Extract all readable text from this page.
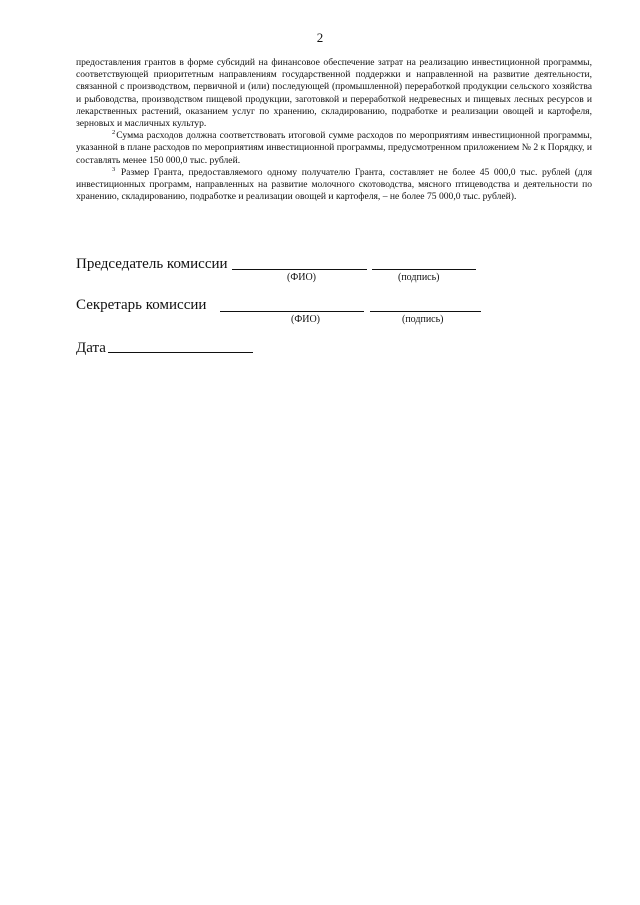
2

предоставления грантов в форме субсидий на финансовое обеспечение затрат на реализацию инвестиционной программы, соответствующей приоритетным направлениям государственной поддержки и направленной на развитие деятельности, связанной с производством, первичной и (или) последующей (промышленной) переработкой продукции сельского хозяйства и рыбоводства, производством пищевой продукции, заготовкой и переработкой недревесных и пищевых лесных ресурсов и лекарственных растений, оказанием услуг по хранению, складированию, подработке и реализации овощей и картофеля, зерновых и масличных культур.

$^2$Сумма расходов должна соответствовать итоговой сумме расходов по мероприятиям инвестиционной программы, указанной в плане расходов по мероприятиям инвестиционной программы, предусмотренном приложением № 2 к Порядку, и составлять менее 150 000,0 тыс. рублей.

$^3$ Размер Гранта, предоставляемого одному получателю Гранта, составляет не более 45 000,0 тыс. рублей (для инвестиционных программ, направленных на развитие молочного скотоводства, мясного птицеводства и деятельности по хранению, складированию, подработке и реализации овощей и картофеля, – не более 75 000,0 тыс. рублей).

Председатель комиссии
(ФИО)	(подпись)
Секретарь комиссии
(ФИО)	(подпись)
Дата
